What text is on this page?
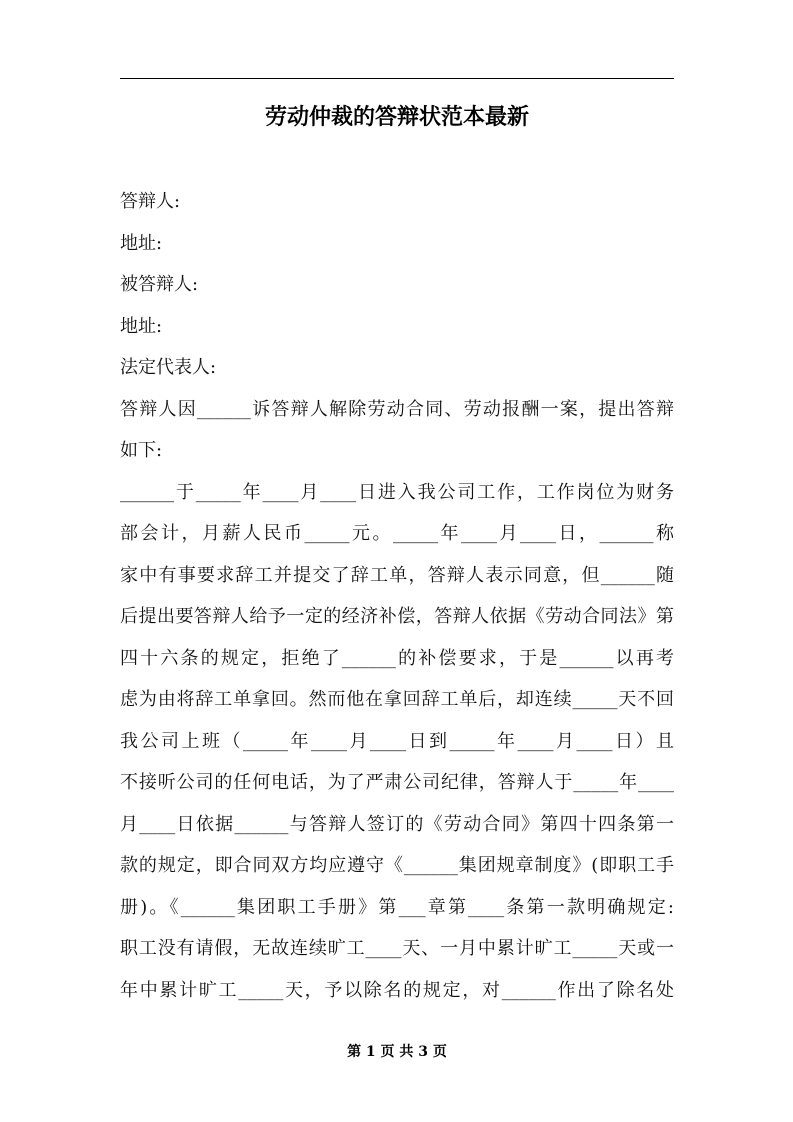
劳动仲裁的答辩状范本最新
答辩人:
地址:
被答辩人:
地址:
法定代表人:
答辩人因______诉答辩人解除劳动合同、劳动报酬一案，提出答辩
如下:
______于_____年____月____日进入我公司工作，工作岗位为财务
部会计，月薪人民币_____元。_____年____月____日，______称
家中有事要求辞工并提交了辞工单，答辩人表示同意，但______随
后提出要答辩人给予一定的经济补偿，答辩人依据《劳动合同法》第
四十六条的规定，拒绝了______的补偿要求，于是______以再考
虑为由将辞工单拿回。然而他在拿回辞工单后，却连续_____天不回
我公司上班（_____年____月____日到_____年____月____日）且
不接听公司的任何电话，为了严肃公司纪律，答辩人于_____年____
月____日依据______与答辩人签订的《劳动合同》第四十四条第一
款的规定，即合同双方均应遵守《______集团规章制度》(即职工手
册)。《______集团职工手册》第___章第____条第一款明确规定:
职工没有请假，无故连续旷工____天、一月中累计旷工_____天或一
年中累计旷工_____天，予以除名的规定，对______作出了除名处
第 1 页 共 3 页
